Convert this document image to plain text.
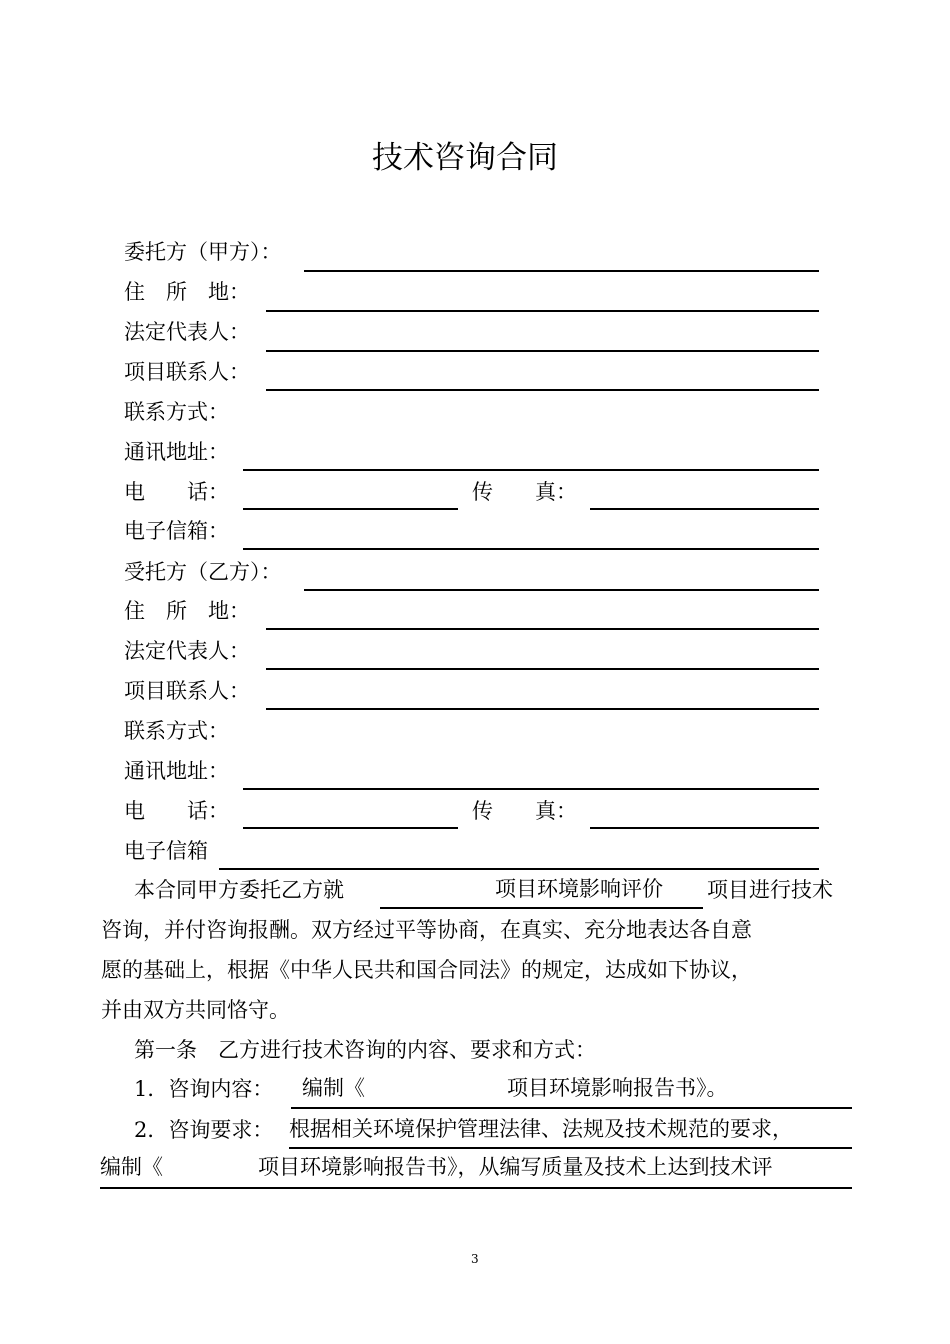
技术咨询合同
委托方（甲方）：
住　所　地：
法定代表人：
项目联系人：
联系方式：
通讯地址：
电　　话：	传　　真：
电子信箱：
受托方（乙方）：
住　所　地：
法定代表人：
项目联系人：
联系方式：
通讯地址：
电　　话：	传　　真：
电子信箱
本合同甲方委托乙方就	项目环境影响评价 项目进行技术
咨询，并付咨询报酬。双方经过平等协商，在真实、充分地表达各自意
愿的基础上，根据《中华人民共和国合同法》的规定，达成如下协议，
并由双方共同恪守。
第一条　乙方进行技术咨询的内容、要求和方式：
1．咨询内容： 编制《	项目环境影响报告书》。
2．咨询要求： 根据相关环境保护管理法律、法规及技术规范的要求，
编制《	项目环境影响报告书》，从编写质量及技术上达到技术评
3
